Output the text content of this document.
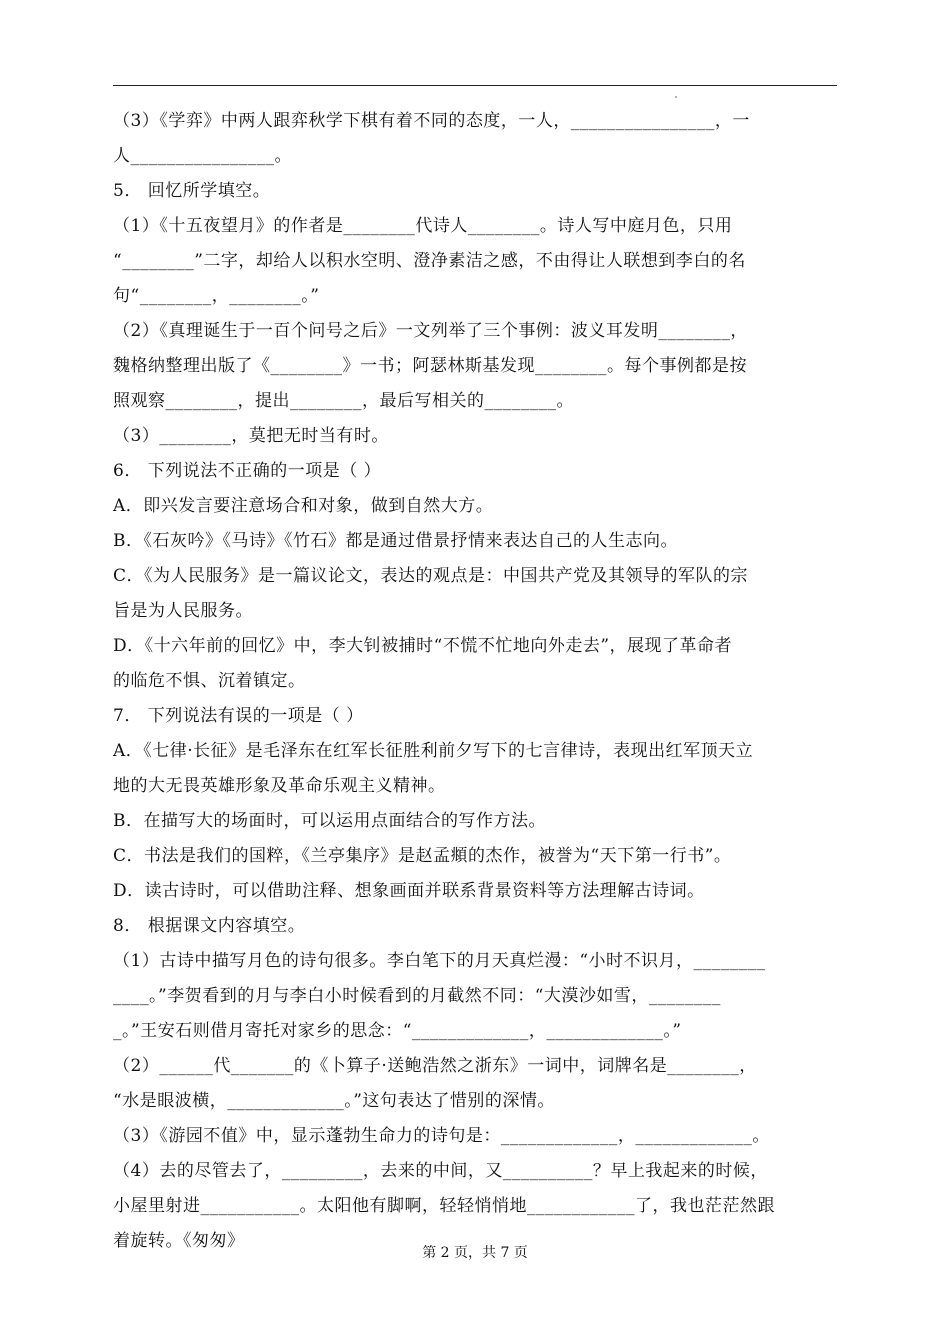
（3）《学弈》中两人跟弈秋学下棋有着不同的态度，一人，________________，一
人________________。
5． 回忆所学填空。
（1）《十五夜望月》的作者是________代诗人________。诗人写中庭月色，只用
“________”二字，却给人以积水空明、澄净素洁之感，不由得让人联想到李白的名
句“________，________。”
（2）《真理诞生于一百个问号之后》一文列举了三个事例：波义耳发明________，
魏格纳整理出版了《________》一书；阿瑟林斯基发现________。每个事例都是按
照观察________，提出________，最后写相关的________。
（3）________，莫把无时当有时。
6． 下列说法不正确的一项是（ ）
A．即兴发言要注意场合和对象，做到自然大方。
B．《石灰吟》《马诗》《竹石》都是通过借景抒情来表达自己的人生志向。
C．《为人民服务》是一篇议论文，表达的观点是：中国共产党及其领导的军队的宗
旨是为人民服务。
D．《十六年前的回忆》中，李大钊被捕时“不慌不忙地向外走去”，展现了革命者
的临危不惧、沉着镇定。
7． 下列说法有误的一项是（ ）
A．《七律·长征》是毛泽东在红军长征胜利前夕写下的七言律诗，表现出红军顶天立
地的大无畏英雄形象及革命乐观主义精神。
B．在描写大的场面时，可以运用点面结合的写作方法。
C．书法是我们的国粹，《兰亭集序》是赵孟頫的杰作，被誉为“天下第一行书”。
D．读古诗时，可以借助注释、想象画面并联系背景资料等方法理解古诗词。
8． 根据课文内容填空。
（1）古诗中描写月色的诗句很多。李白笔下的月天真烂漫：“小时不识月，________
____。”李贺看到的月与李白小时候看到的月截然不同：“大漠沙如雪，________
_。”王安石则借月寄托对家乡的思念：“_____________，_____________。”
（2）______代_______的《卜算子·送鲍浩然之浙东》一词中，词牌名是________，
“水是眼波横，_____________。”这句表达了惜别的深情。
（3）《游园不值》中，显示蓬勃生命力的诗句是：_____________，_____________。
（4）去的尽管去了，_________，去来的中间，又__________？早上我起来的时候，
小屋里射进___________。太阳他有脚啊，轻轻悄悄地____________了，我也茫茫然跟
着旋转。《匆匆》
第 2 页，共 7 页
